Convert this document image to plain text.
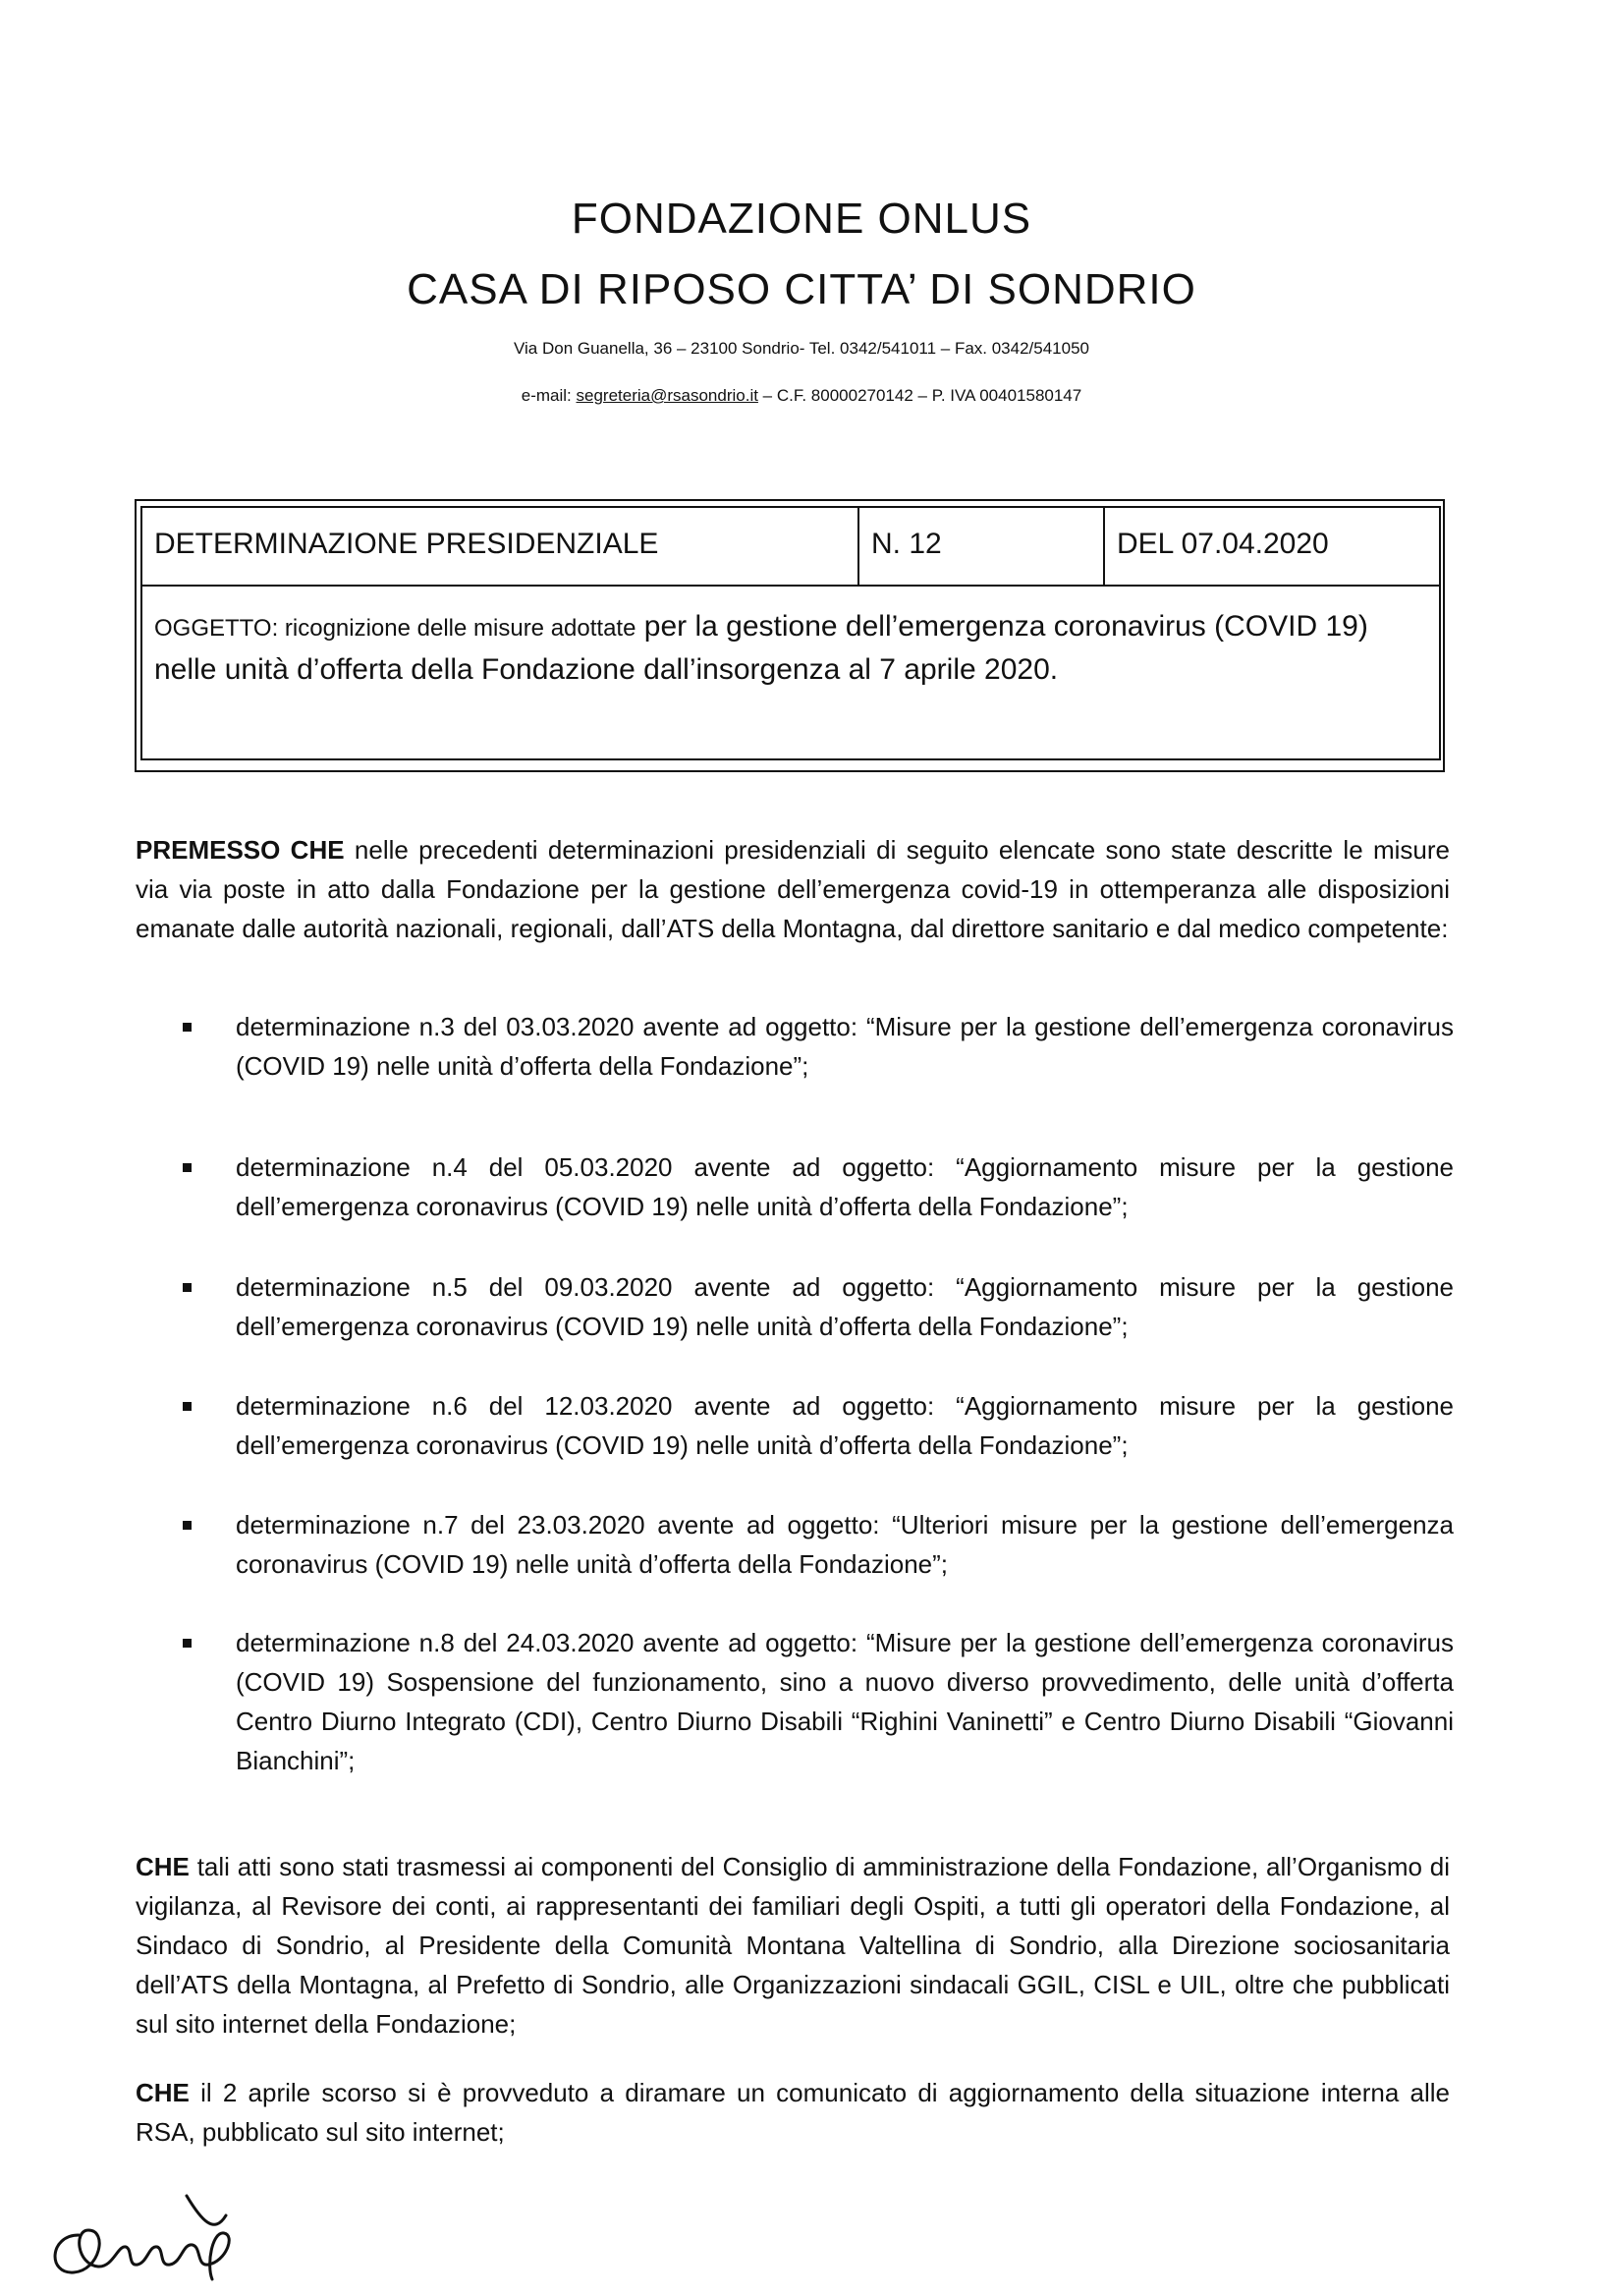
FONDAZIONE ONLUS
CASA DI RIPOSO CITTA’ DI SONDRIO
Via Don Guanella, 36 – 23100 Sondrio- Tel. 0342/541011 – Fax. 0342/541050
e-mail: segreteria@rsasondrio.it – C.F. 80000270142 – P. IVA 00401580147
DETERMINAZIONE PRESIDENZIALE	N. 12	DEL 07.04.2020
OGGETTO: ricognizione delle misure adottate per la gestione dell’emergenza coronavirus (COVID 19) nelle unità d’offerta della Fondazione dall’insorgenza al 7 aprile 2020.
PREMESSO CHE nelle precedenti determinazioni presidenziali di seguito elencate sono state descritte le misure via via poste in atto dalla Fondazione per la gestione dell’emergenza covid-19 in ottemperanza alle disposizioni emanate dalle autorità nazionali, regionali, dall’ATS della Montagna, dal direttore sanitario e dal medico competente:
determinazione n.3 del 03.03.2020 avente ad oggetto: “Misure per la gestione dell’emergenza coronavirus (COVID 19) nelle unità d’offerta della Fondazione”;
determinazione n.4 del 05.03.2020 avente ad oggetto: “Aggiornamento misure per la gestione dell’emergenza coronavirus (COVID 19) nelle unità d’offerta della Fondazione”;
determinazione n.5 del 09.03.2020 avente ad oggetto: “Aggiornamento misure per la gestione dell’emergenza coronavirus (COVID 19) nelle unità d’offerta della Fondazione”;
determinazione n.6 del 12.03.2020 avente ad oggetto: “Aggiornamento misure per la gestione dell’emergenza coronavirus (COVID 19) nelle unità d’offerta della Fondazione”;
determinazione n.7 del 23.03.2020 avente ad oggetto: “Ulteriori misure per la gestione dell’emergenza coronavirus (COVID 19) nelle unità d’offerta della Fondazione”;
determinazione n.8 del 24.03.2020 avente ad oggetto: “Misure per la gestione dell’emergenza coronavirus (COVID 19) Sospensione del funzionamento, sino a nuovo diverso provvedimento, delle unità d’offerta Centro Diurno Integrato (CDI), Centro Diurno Disabili “Righini Vaninetti” e Centro Diurno Disabili “Giovanni Bianchini”;
CHE tali atti sono stati trasmessi ai componenti del Consiglio di amministrazione della Fondazione, all’Organismo di vigilanza, al Revisore dei conti, ai rappresentanti dei familiari degli Ospiti, a tutti gli operatori della Fondazione, al Sindaco di Sondrio, al Presidente della Comunità Montana Valtellina di Sondrio, alla Direzione sociosanitaria dell’ATS della Montagna, al Prefetto di Sondrio, alle Organizzazioni sindacali GGIL, CISL e UIL, oltre che pubblicati sul sito internet della Fondazione;
CHE il 2 aprile scorso si è provveduto a diramare un comunicato di aggiornamento della situazione interna alle RSA, pubblicato sul sito internet;
